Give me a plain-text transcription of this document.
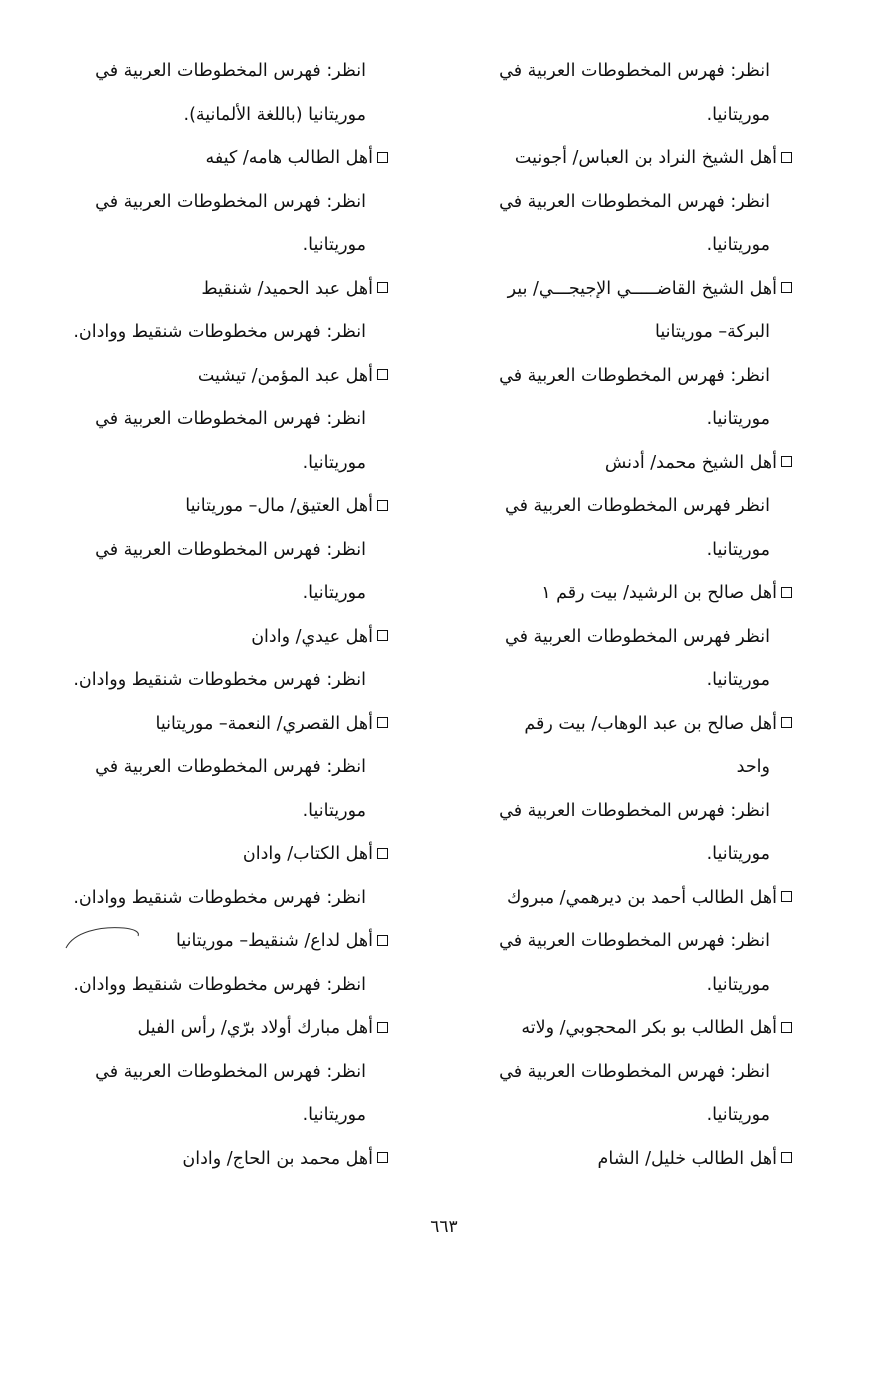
انظر: فهرس المخطوطات العربية في
موريتانيا.
أهل الشيخ النراد بن العباس/ أجونيت
انظر: فهرس المخطوطات العربية في
موريتانيا.
أهل الشيخ القاضـــــي الإجيجـــي/ بير
البركة– موريتانيا
انظر: فهرس المخطوطات العربية في
موريتانيا.
أهل الشيخ محمد/ أدنش
انظر فهرس المخطوطات العربية في
موريتانيا.
أهل صالح بن الرشيد/ بيت رقم ١
انظر فهرس المخطوطات العربية في
موريتانيا.
أهل صالح بن عبد الوهاب/ بيت رقم
واحد
انظر: فهرس المخطوطات العربية في
موريتانيا.
أهل الطالب أحمد بن ديرهمي/ مبروك
انظر: فهرس المخطوطات العربية في
موريتانيا.
أهل الطالب بو بكر المحجوبي/ ولاته
انظر: فهرس المخطوطات العربية في
موريتانيا.
أهل الطالب خليل/ الشام
انظر: فهرس المخطوطات العربية في
موريتانيا (باللغة الألمانية).
أهل الطالب هامه/ كيفه
انظر: فهرس المخطوطات العربية في
موريتانيا.
أهل عبد الحميد/ شنقيط
انظر: فهرس مخطوطات شنقيط ووادان.
أهل عبد المؤمن/ تيشيت
انظر: فهرس المخطوطات العربية في
موريتانيا.
أهل العتيق/ مال– موريتانيا
انظر: فهرس المخطوطات العربية في
موريتانيا.
أهل عيدي/ وادان
انظر: فهرس مخطوطات شنقيط ووادان.
أهل القصري/ النعمة– موريتانيا
انظر: فهرس المخطوطات العربية في
موريتانيا.
أهل الكتاب/ وادان
انظر: فهرس مخطوطات شنقيط ووادان.
أهل لداع/ شنقيط– موريتانيا
انظر: فهرس مخطوطات شنقيط ووادان.
أهل مبارك أولاد برّي/ رأس الفيل
انظر: فهرس المخطوطات العربية في
موريتانيا.
أهل محمد بن الحاج/ وادان
٦٦٣
